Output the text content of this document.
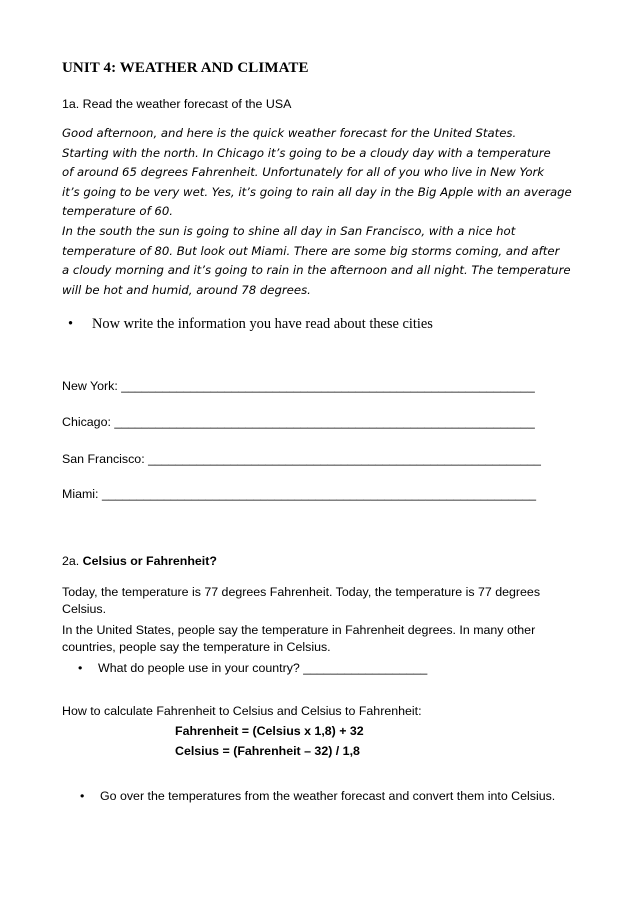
UNIT 4: WEATHER AND CLIMATE
1a. Read the weather forecast of the USA
Good afternoon, and here is the quick weather forecast for the United States.
Starting with the north. In Chicago it’s going to be a cloudy day with a temperature
of around 65 degrees Fahrenheit. Unfortunately for all of you who live in New York
it’s going to be very wet. Yes, it’s going to rain all day in the Big Apple with an average
temperature of 60.
In the south the sun is going to shine all day in San Francisco, with a nice hot
temperature of 80. But look out Miami. There are some big storms coming, and after
a cloudy morning and it’s going to rain in the afternoon and all night. The temperature
will be hot and humid, around 78 degrees.
• Now write the information you have read about these cities
New York: ____________________________________________________________
Chicago: _____________________________________________________________
San Francisco: _________________________________________________________
Miami: _______________________________________________________________
2a. Celsius or Fahrenheit?
Today, the temperature is 77 degrees Fahrenheit. Today, the temperature is 77 degrees
Celsius.
In the United States, people say the temperature in Fahrenheit degrees. In many other
countries, people say the temperature in Celsius.
• What do people use in your country? __________________
How to calculate Fahrenheit to Celsius and Celsius to Fahrenheit:
Fahrenheit = (Celsius x 1,8) + 32
Celsius = (Fahrenheit – 32) / 1,8
• Go over the temperatures from the weather forecast and convert them into Celsius.
